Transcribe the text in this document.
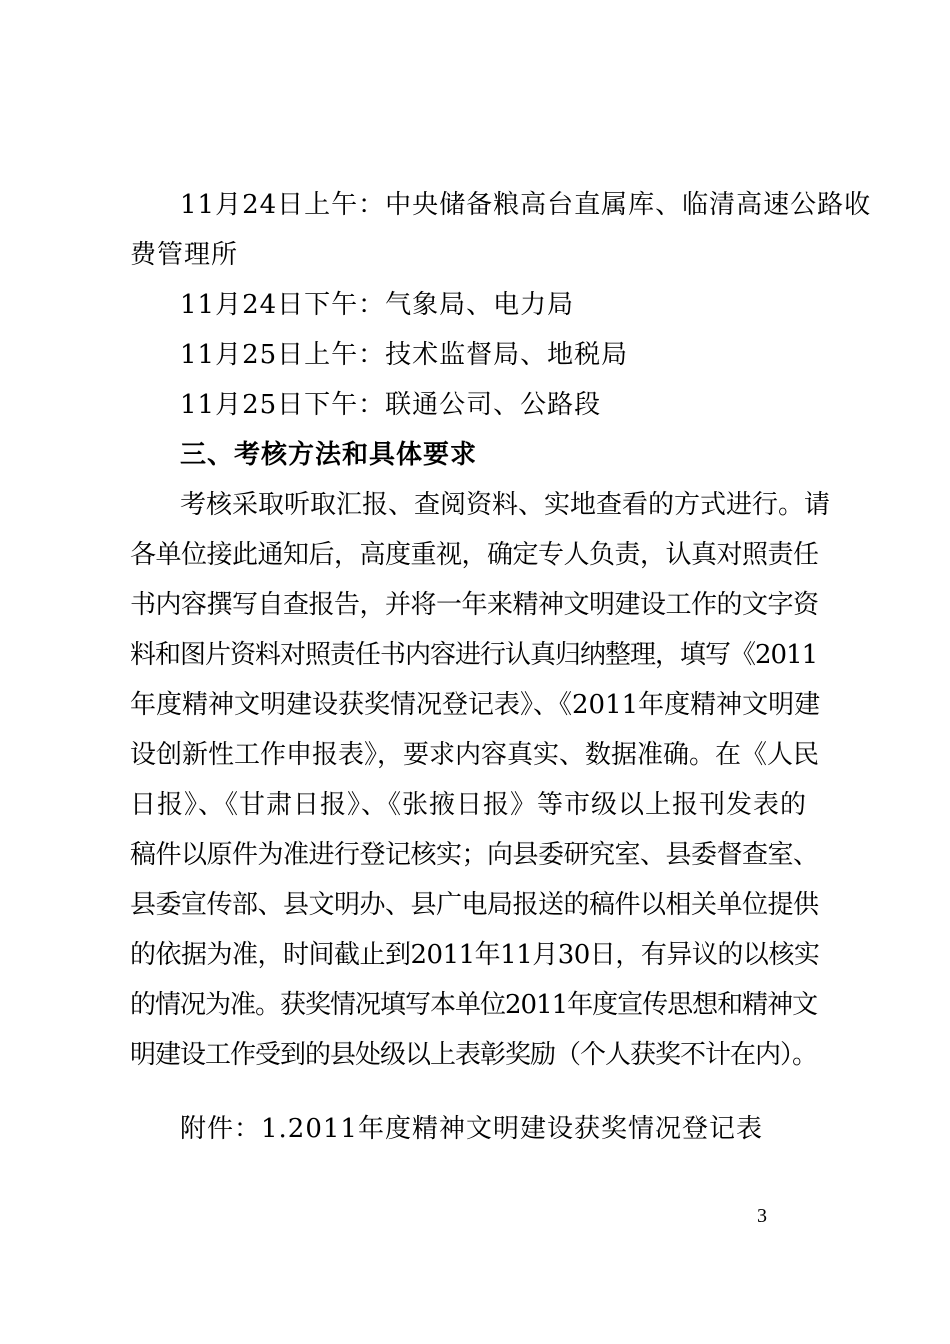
11月24日上午：中央储备粮高台直属库、临清高速公路收
费管理所
11月24日下午：气象局、电力局
11月25日上午：技术监督局、地税局
11月25日下午：联通公司、公路段
三、考核方法和具体要求
考核采取听取汇报、查阅资料、实地查看的方式进行。请
各单位接此通知后，高度重视，确定专人负责，认真对照责任
书内容撰写自查报告，并将一年来精神文明建设工作的文字资
料和图片资料对照责任书内容进行认真归纳整理，填写《2011
年度精神文明建设获奖情况登记表》、《2011年度精神文明建
设创新性工作申报表》，要求内容真实、数据准确。在《人民
日报》、《甘肃日报》、《张掖日报》等市级以上报刊发表的
稿件以原件为准进行登记核实；向县委研究室、县委督查室、
县委宣传部、县文明办、县广电局报送的稿件以相关单位提供
的依据为准，时间截止到2011年11月30日，有异议的以核实
的情况为准。获奖情况填写本单位2011年度宣传思想和精神文
明建设工作受到的县处级以上表彰奖励（个人获奖不计在内）。
附件：1.2011年度精神文明建设获奖情况登记表
3
